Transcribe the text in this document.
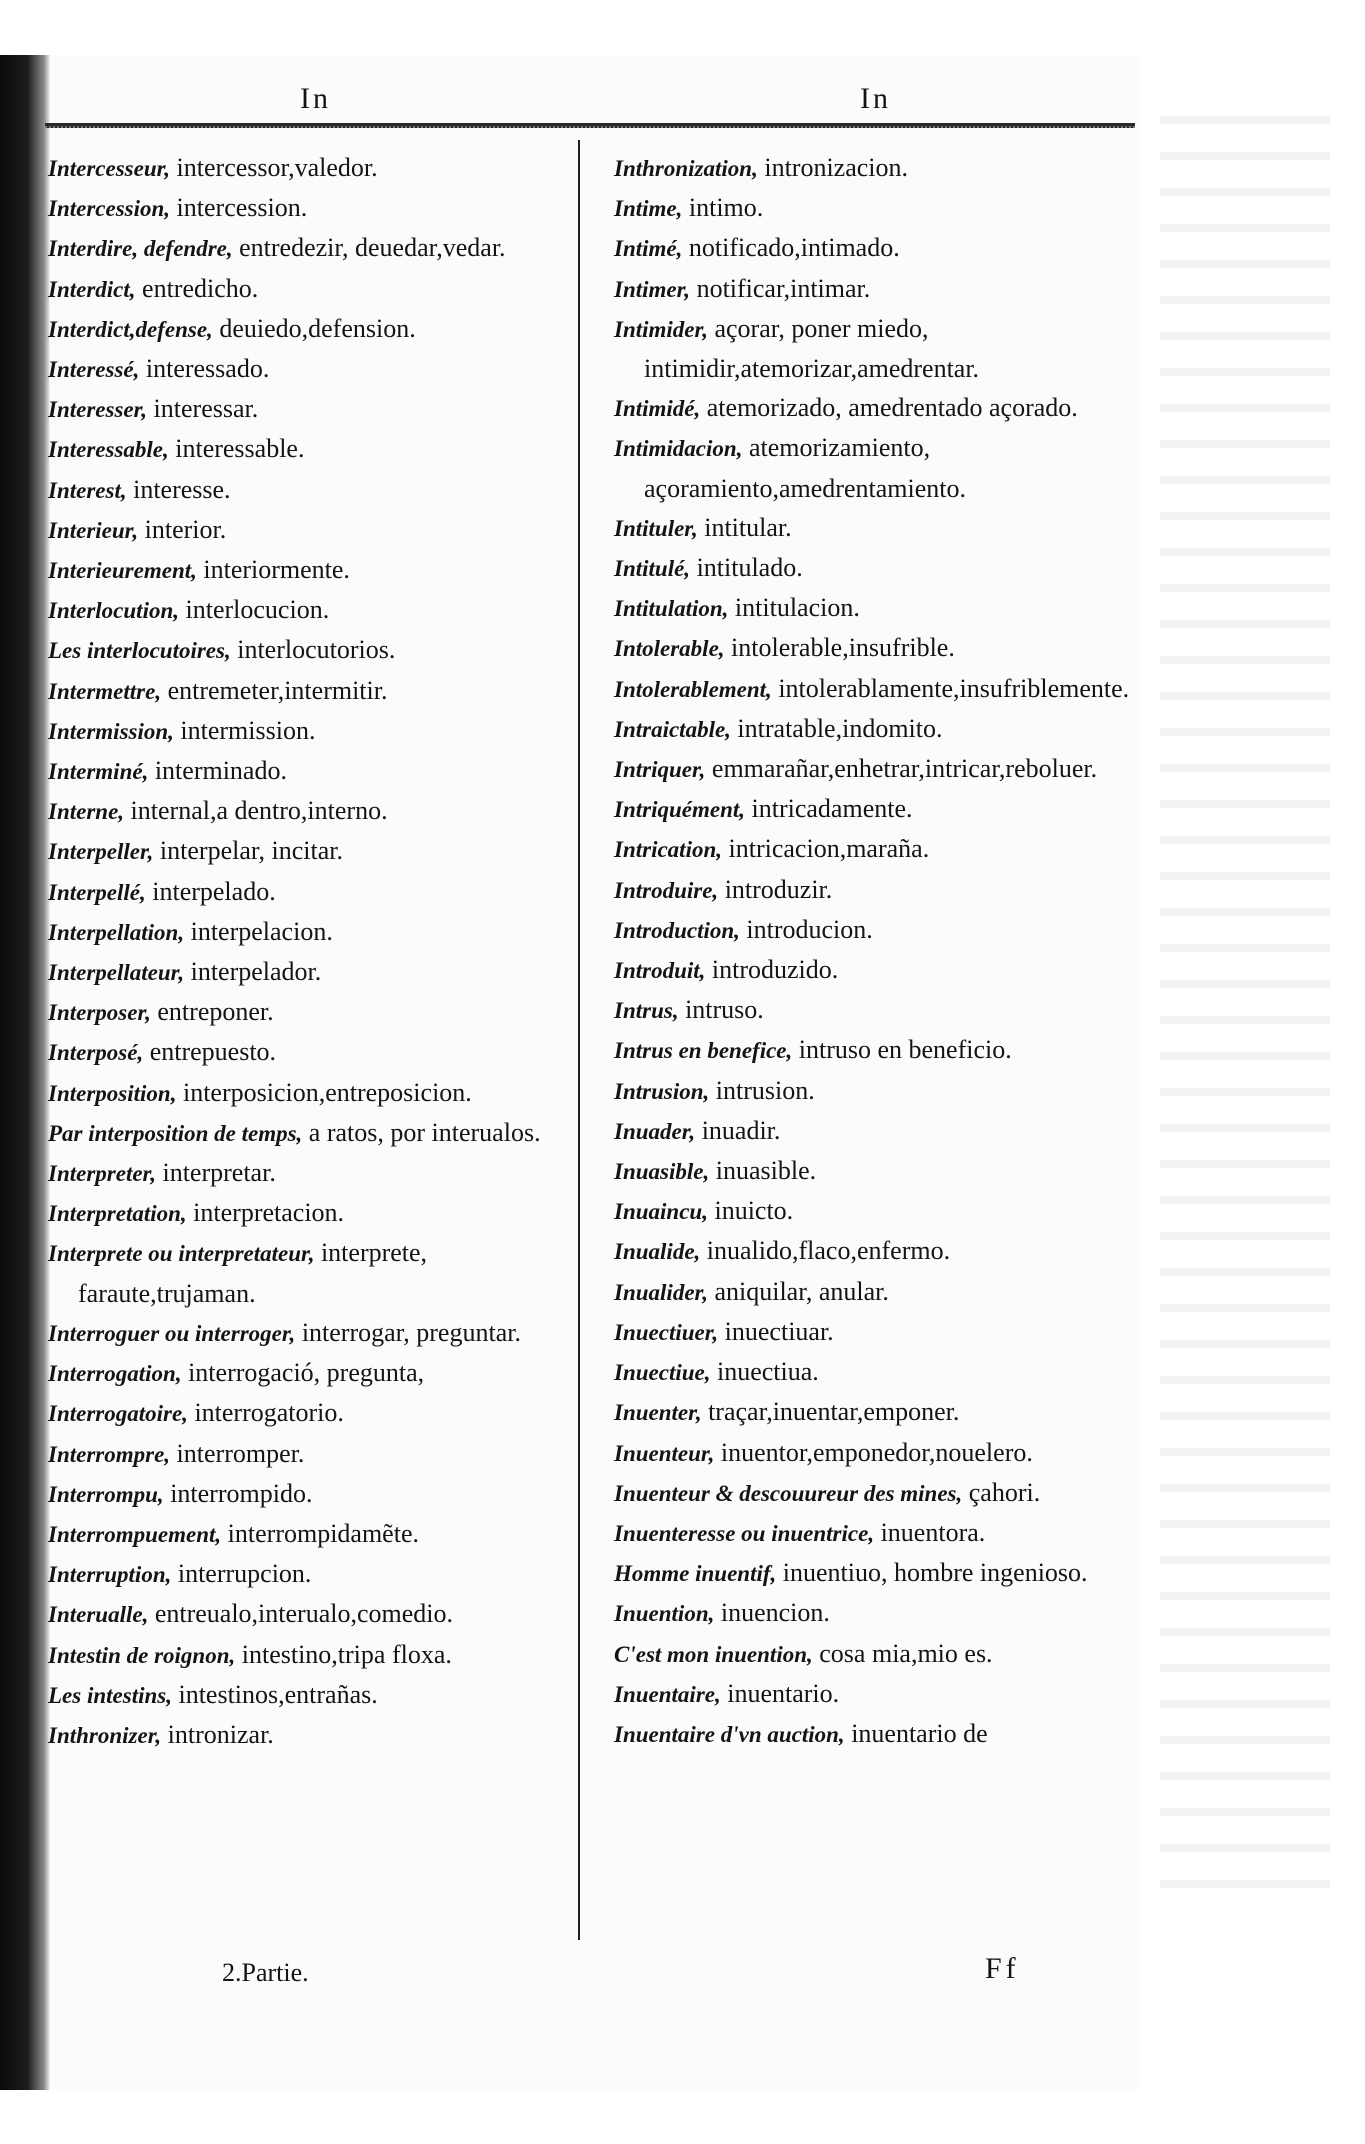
In	In

Intercesseur, intercessor,valedor.

Intercession, intercession.

Interdire, defendre, entredezir, deuedar,vedar.

Interdict, entredicho.

Interdict,defense, deuiedo,defension.

Interessé, interessado.

Interesser, interessar.

Interessable, interessable.

Interest, interesse.

Interieur, interior.

Interieurement, interiormente.

Interlocution, interlocucion.

Les interlocutoires, interlocutorios.

Intermettre, entremeter,intermitir.

Intermission, intermission.

Interminé, interminado.

Interne, internal,a dentro,interno.

Interpeller, interpelar, incitar.

Interpellé, interpelado.

Interpellation, interpelacion.

Interpellateur, interpelador.

Interposer, entreponer.

Interposé, entrepuesto.

Interposition, interposicion,entreposicion.

Par interposition de temps, a ratos, por interualos.

Interpreter, interpretar.

Interpretation, interpretacion.

Interprete ou interpretateur, interprete, faraute,trujaman.

Interroguer ou interroger, interrogar, preguntar.

Interrogation, interrogació, pregunta,

Interrogatoire, interrogatorio.

Interrompre, interromper.

Interrompu, interrompido.

Interrompuement, interrompidamẽte.

Interruption, interrupcion.

Interualle, entreualo,interualo,comedio.

Intestin de roignon, intestino,tripa floxa.

Les intestins, intestinos,entrañas.

Inthronizer, intronizar.

Inthronization, intronizacion.

Intime, intimo.

Intimé, notificado,intimado.

Intimer, notificar,intimar.

Intimider, açorar, poner miedo, intimidir,atemorizar,amedrentar.

Intimidé, atemorizado, amedrentado açorado.

Intimidacion, atemorizamiento, açoramiento,amedrentamiento.

Intituler, intitular.

Intitulé, intitulado.

Intitulation, intitulacion.

Intolerable, intolerable,insufrible.

Intolerablement, intolerablamente,insufriblemente.

Intraictable, intratable,indomito.

Intriquer, emmarañar,enhetrar,intricar,reboluer.

Intriquément, intricadamente.

Intrication, intricacion,maraña.

Introduire, introduzir.

Introduction, introducion.

Introduit, introduzido.

Intrus, intruso.

Intrus en benefice, intruso en beneficio.

Intrusion, intrusion.

Inuader, inuadir.

Inuasible, inuasible.

Inuaincu, inuicto.

Inualide, inualido,flaco,enfermo.

Inualider, aniquilar, anular.

Inuectiuer, inuectiuar.

Inuectiue, inuectiua.

Inuenter, traçar,inuentar,emponer.

Inuenteur, inuentor,emponedor,nouelero.

Inuenteur & descouureur des mines, çahori.

Inuenteresse ou inuentrice, inuentora.

Homme inuentif, inuentiuo, hombre ingenioso.

Inuention, inuencion.

C'est mon inuention, cosa mia,mio es.

Inuentaire, inuentario.

Inuentaire d'vn auction, inuentario de

2.Partie.	Ff
